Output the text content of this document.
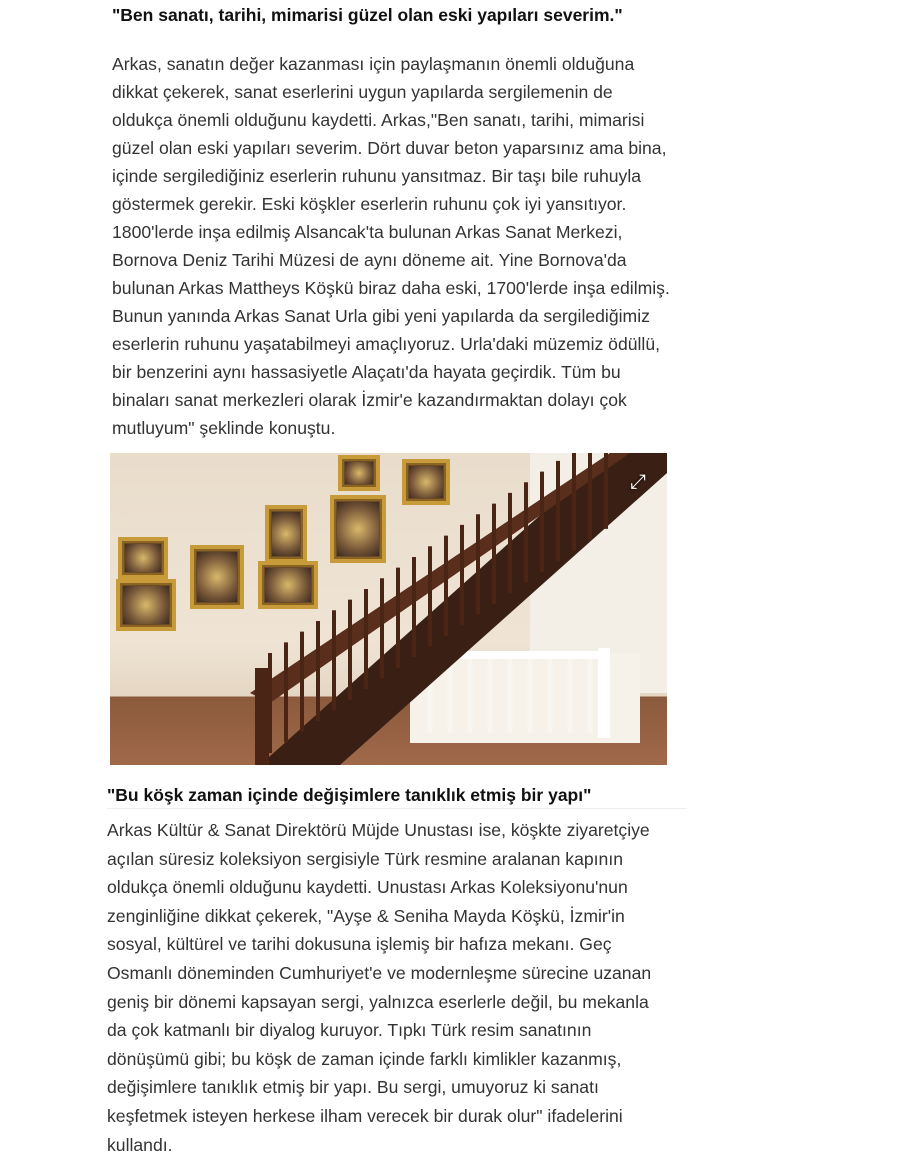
"Ben sanatı, tarihi, mimarisi güzel olan eski yapıları severim."
Arkas, sanatın değer kazanması için paylaşmanın önemli olduğuna
dikkat çekerek, sanat eserlerini uygun yapılarda sergilemenin de
oldukça önemli olduğunu kaydetti. Arkas,"Ben sanatı, tarihi, mimarisi
güzel olan eski yapıları severim. Dört duvar beton yaparsınız ama bina,
içinde sergilediğiniz eserlerin ruhunu yansıtmaz. Bir taşı bile ruhuyla
göstermek gerekir. Eski köşkler eserlerin ruhunu çok iyi yansıtıyor.
1800'lerde inşa edilmiş Alsancak'ta bulunan Arkas Sanat Merkezi,
Bornova Deniz Tarihi Müzesi de aynı döneme ait. Yine Bornova'da
bulunan Arkas Mattheys Köşkü biraz daha eski, 1700'lerde inşa edilmiş.
Bunun yanında Arkas Sanat Urla gibi yeni yapılarda da sergilediğimiz
eserlerin ruhunu yaşatabilmeyi amaçlıyoruz. Urla'daki müzemiz ödüllü,
bir benzerini aynı hassasiyetle Alaçatı'da hayata geçirdik. Tüm bu
binaları sanat merkezleri olarak İzmir'e kazandırmaktan dolayı çok
mutluyum" şeklinde konuştu.
⤢
"Bu köşk zaman içinde değişimlere tanıklık etmiş bir yapı"
Arkas Kültür & Sanat Direktörü Müjde Unustası ise, köşkte ziyaretçiye
açılan süresiz koleksiyon sergisiyle Türk resmine aralanan kapının
oldukça önemli olduğunu kaydetti. Unustası Arkas Koleksiyonu'nun
zenginliğine dikkat çekerek, "Ayşe & Seniha Mayda Köşkü, İzmir'in
sosyal, kültürel ve tarihi dokusuna işlemiş bir hafıza mekanı. Geç
Osmanlı döneminden Cumhuriyet'e ve modernleşme sürecine uzanan
geniş bir dönemi kapsayan sergi, yalnızca eserlerle değil, bu mekanla
da çok katmanlı bir diyalog kuruyor. Tıpkı Türk resim sanatının
dönüşümü gibi; bu köşk de zaman içinde farklı kimlikler kazanmış,
değişimlere tanıklık etmiş bir yapı. Bu sergi, umuyoruz ki sanatı
keşfetmek isteyen herkese ilham verecek bir durak olur" ifadelerini
kullandı.
